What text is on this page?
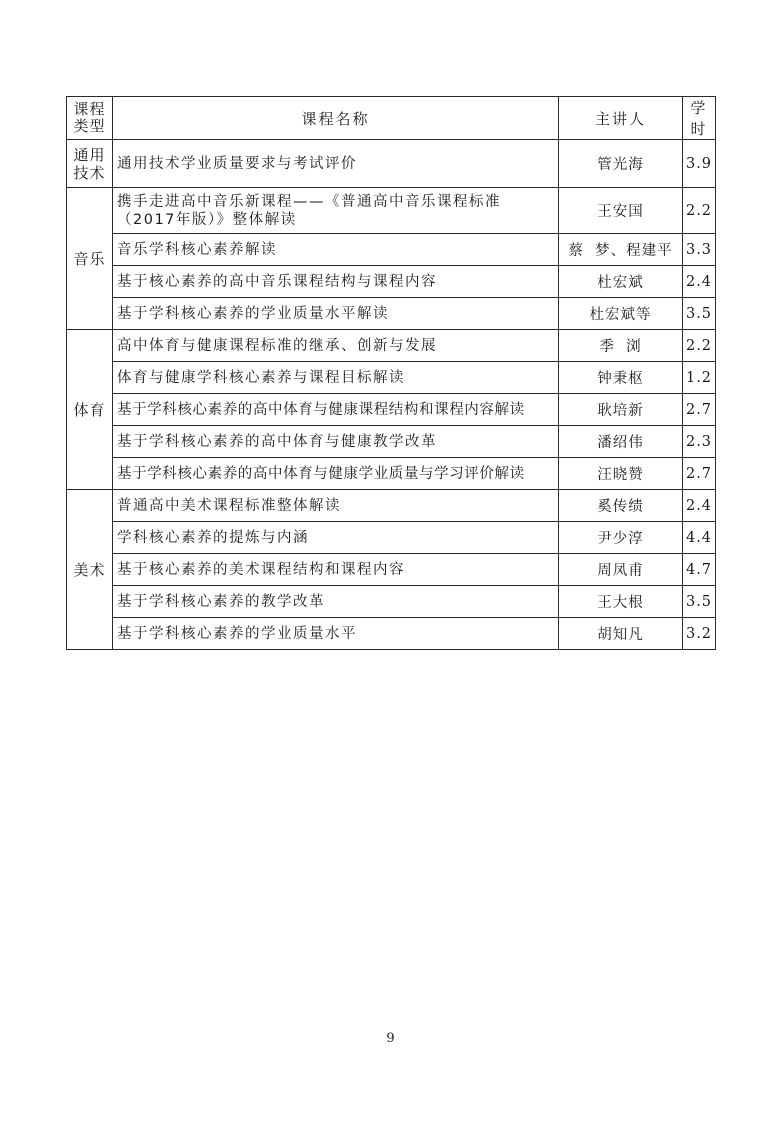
课程
类型	课程名称	主讲人	学时
通用
技术	通用技术学业质量要求与考试评价	管光海	3.9
音乐	携手走进高中音乐新课程——《普通高中音乐课程标准（2017年版）》整体解读	王安国	2.2
	音乐学科核心素养解读	蔡  梦、程建平	3.3
	基于核心素养的高中音乐课程结构与课程内容	杜宏斌	2.4
	基于学科核心素养的学业质量水平解读	杜宏斌等	3.5
体育	高中体育与健康课程标准的继承、创新与发展	季  浏	2.2
	体育与健康学科核心素养与课程目标解读	钟秉枢	1.2
	基于学科核心素养的高中体育与健康课程结构和课程内容解读	耿培新	2.7
	基于学科核心素养的高中体育与健康教学改革	潘绍伟	2.3
	基于学科核心素养的高中体育与健康学业质量与学习评价解读	汪晓赞	2.7
美术	普通高中美术课程标准整体解读	奚传绩	2.4
	学科核心素养的提炼与内涵	尹少淳	4.4
	基于核心素养的美术课程结构和课程内容	周凤甫	4.7
	基于学科核心素养的教学改革	王大根	3.5
	基于学科核心素养的学业质量水平	胡知凡	3.2
9
